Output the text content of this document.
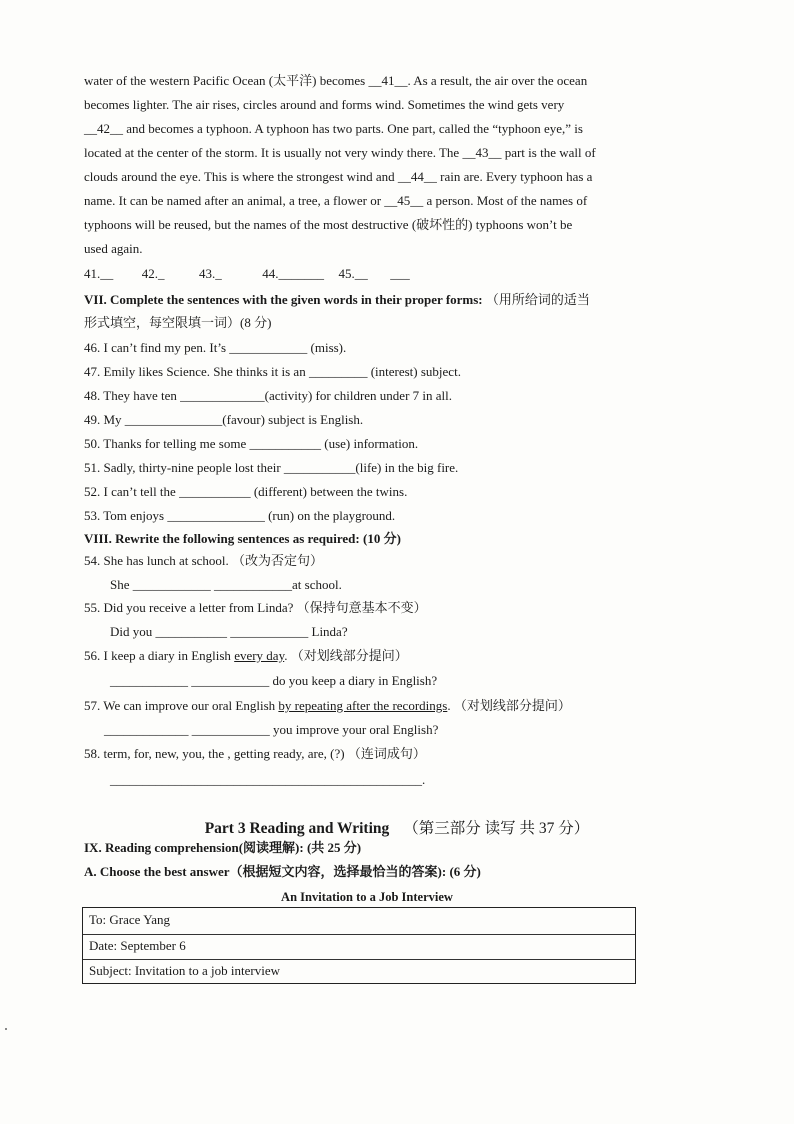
water of the western Pacific Ocean (太平洋) becomes __41__. As a result, the air over the ocean
becomes lighter. The air rises, circles around and forms wind. Sometimes the wind gets very
__42__ and becomes a typhoon. A typhoon has two parts. One part, called the “typhoon eye,” is
located at the center of the storm. It is usually not very windy there. The __43__ part is the wall of
clouds around the eye. This is where the strongest wind and __44__ rain are. Every typhoon has a
name. It can be named after an animal, a tree, a flower or __45__ a person. Most of the names of
typhoons will be reused, but the names of the most destructive (破坏性的) typhoons won’t be
used again.
41.__ 42._	43._	44._______ 45.__ ___
VII. Complete the sentences with the given words in their proper forms: （用所给词的适当
形式填空，每空限填一词）(8 分)
46. I can’t find my pen. It’s ____________ (miss).
47. Emily likes Science. She thinks it is an _________ (interest) subject.
48. They have ten _____________(activity) for children under 7 in all.
49. My _______________(favour) subject is English.
50. Thanks for telling me some ___________ (use) information.
51. Sadly, thirty-nine people lost their ___________(life) in the big fire.
52. I can’t tell the ___________ (different) between the twins.
53. Tom enjoys _______________ (run) on the playground.
VIII. Rewrite the following sentences as required: (10 分)
54. She has lunch at school. （改为否定句）
She ____________ ____________at school.
55. Did you receive a letter from Linda? （保持句意基本不变）
Did you ___________ ____________ Linda?
56. I keep a diary in English every day. （对划线部分提问）
____________ ____________ do you keep a diary in English?
57. We can improve our oral English by repeating after the recordings. （对划线部分提问）
_____________ ____________ you improve your oral English?
58. term, for, new, you, the , getting ready, are, (?) （连词成句）
________________________________________________.
Part 3 Reading and Writing （第三部分 读写 共 37 分）
IX. Reading comprehension(阅读理解): (共 25 分)
A. Choose the best answer（根据短文内容，选择最恰当的答案): (6 分)
An Invitation to a Job Interview
To: Grace Yang
Date: September 6
Subject: Invitation to a job interview
